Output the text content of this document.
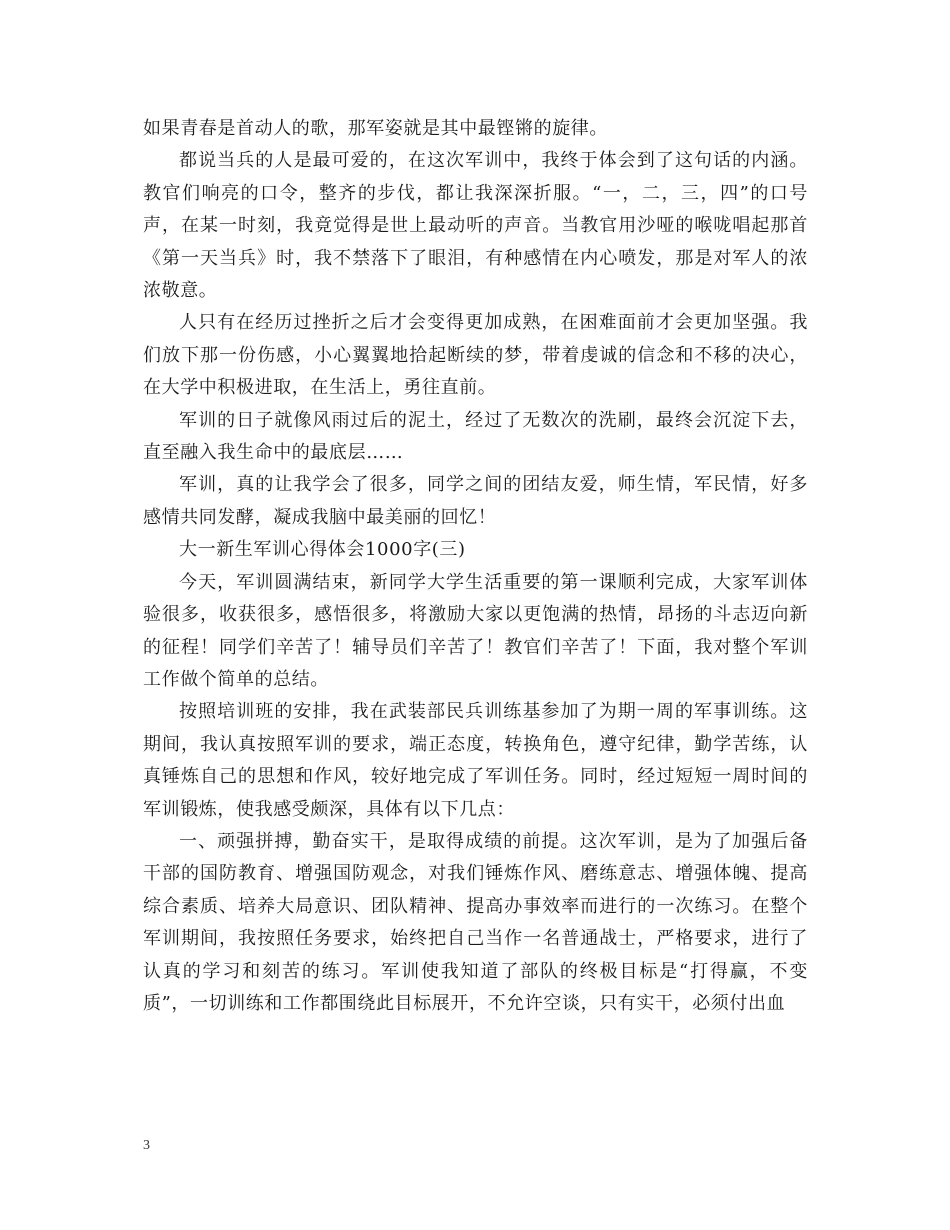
如果青春是首动人的歌，那军姿就是其中最铿锵的旋律。

都说当兵的人是最可爱的，在这次军训中，我终于体会到了这句话的内涵。教官们响亮的口令，整齐的步伐，都让我深深折服。“一，二，三，四”的口号声，在某一时刻，我竟觉得是世上最动听的声音。当教官用沙哑的喉咙唱起那首《第一天当兵》时，我不禁落下了眼泪，有种感情在内心喷发，那是对军人的浓浓敬意。

人只有在经历过挫折之后才会变得更加成熟，在困难面前才会更加坚强。我们放下那一份伤感，小心翼翼地拾起断续的梦，带着虔诚的信念和不移的决心，在大学中积极进取，在生活上，勇往直前。

军训的日子就像风雨过后的泥土，经过了无数次的洗刷，最终会沉淀下去，直至融入我生命中的最底层……

军训，真的让我学会了很多，同学之间的团结友爱，师生情，军民情，好多感情共同发酵，凝成我脑中最美丽的回忆！

大一新生军训心得体会1000字(三)

今天，军训圆满结束，新同学大学生活重要的第一课顺利完成，大家军训体验很多，收获很多，感悟很多，将激励大家以更饱满的热情，昂扬的斗志迈向新的征程！同学们辛苦了！辅导员们辛苦了！教官们辛苦了！下面，我对整个军训工作做个简单的总结。

按照培训班的安排，我在武装部民兵训练基参加了为期一周的军事训练。这期间，我认真按照军训的要求，端正态度，转换角色，遵守纪律，勤学苦练，认真锤炼自己的思想和作风，较好地完成了军训任务。同时，经过短短一周时间的军训锻炼，使我感受颇深，具体有以下几点：

一、顽强拼搏，勤奋实干，是取得成绩的前提。这次军训，是为了加强后备干部的国防教育、增强国防观念，对我们锤炼作风、磨练意志、增强体魄、提高综合素质、培养大局意识、团队精神、提高办事效率而进行的一次练习。在整个军训期间，我按照任务要求，始终把自己当作一名普通战士，严格要求，进行了认真的学习和刻苦的练习。军训使我知道了部队的终极目标是“打得赢，不变质”，一切训练和工作都围绕此目标展开，不允许空谈，只有实干，必须付出血

3
